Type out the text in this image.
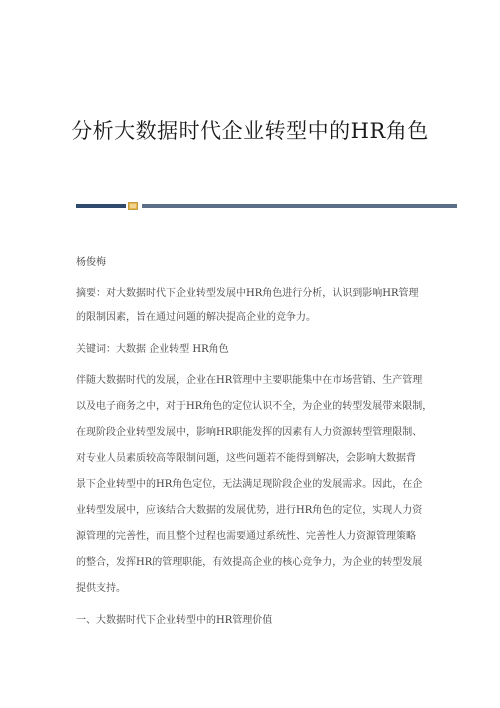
分析大数据时代企业转型中的HR角色
杨俊梅
摘要：对大数据时代下企业转型发展中HR角色进行分析，认识到影响HR管理
的限制因素，旨在通过问题的解决提高企业的竞争力。
关键词：大数据 企业转型 HR角色
伴随大数据时代的发展，企业在HR管理中主要职能集中在市场营销、生产管理
以及电子商务之中，对于HR角色的定位认识不全，为企业的转型发展带来限制，
在现阶段企业转型发展中，影响HR职能发挥的因素有人力资源转型管理限制、
对专业人员素质较高等限制问题，这些问题若不能得到解决，会影响大数据背
景下企业转型中的HR角色定位，无法满足现阶段企业的发展需求。因此，在企
业转型发展中，应该结合大数据的发展优势，进行HR角色的定位，实现人力资
源管理的完善性，而且整个过程也需要通过系统性、完善性人力资源管理策略
的整合，发挥HR的管理职能，有效提高企业的核心竞争力，为企业的转型发展
提供支持。
一、大数据时代下企业转型中的HR管理价值
